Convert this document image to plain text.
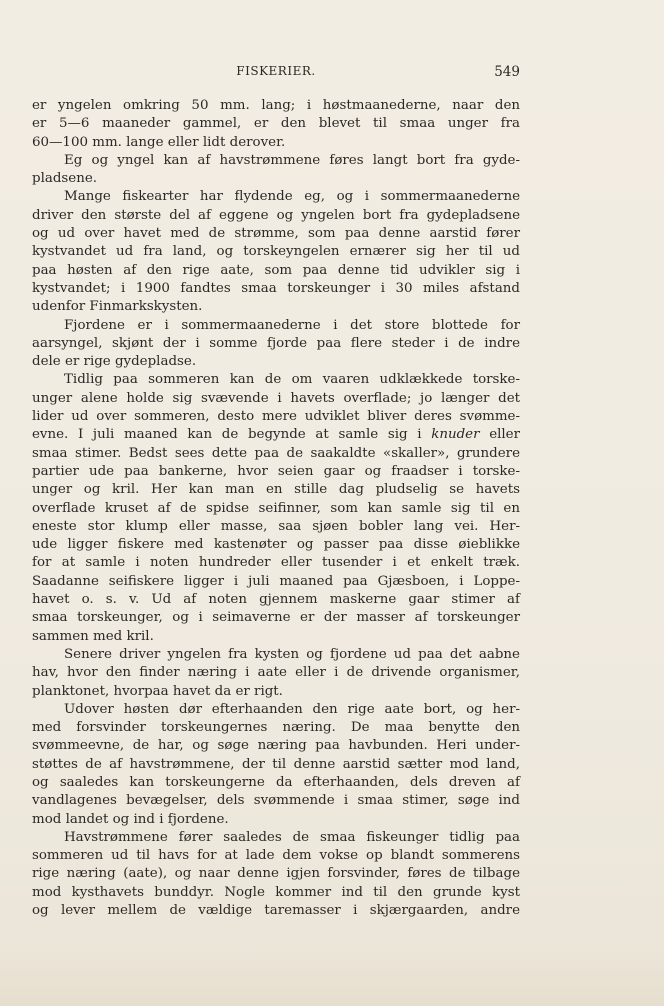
FISKERIER.	549
er yngelen omkring 50 mm. lang; i høstmaanederne, naar den
er 5—6 maaneder gammel, er den blevet til smaa unger fra
60—100 mm. lange eller lidt derover.
Eg og yngel kan af havstrømmene føres langt bort fra gyde-
pladsene.
Mange fiskearter har flydende eg, og i sommermaanederne
driver den største del af eggene og yngelen bort fra gydepladsene
og ud over havet med de strømme, som paa denne aarstid fører
kystvandet ud fra land, og torskeyngelen ernærer sig her til ud
paa høsten af den rige aate, som paa denne tid udvikler sig i
kystvandet; i 1900 fandtes smaa torskeunger i 30 miles afstand
udenfor Finmarkskysten.
Fjordene er i sommermaanederne i det store blottede for
aarsyngel, skjønt der i somme fjorde paa flere steder i de indre
dele er rige gydepladse.
Tidlig paa sommeren kan de om vaaren udklækkede torske-
unger alene holde sig svævende i havets overflade; jo længer det
lider ud over sommeren, desto mere udviklet bliver deres svømme-
evne. I juli maaned kan de begynde at samle sig i knuder eller
smaa stimer. Bedst sees dette paa de saakaldte «skaller», grundere
partier ude paa bankerne, hvor seien gaar og fraadser i torske-
unger og kril. Her kan man en stille dag pludselig se havets
overflade kruset af de spidse seifinner, som kan samle sig til en
eneste stor klump eller masse, saa sjøen bobler lang vei. Her-
ude ligger fiskere med kastenøter og passer paa disse øieblikke
for at samle i noten hundreder eller tusender i et enkelt træk.
Saadanne seifiskere ligger i juli maaned paa Gjæsboen, i Loppe-
havet o. s. v. Ud af noten gjennem maskerne gaar stimer af
smaa torskeunger, og i seimaverne er der masser af torskeunger
sammen med kril.
Senere driver yngelen fra kysten og fjordene ud paa det aabne
hav, hvor den finder næring i aate eller i de drivende organismer,
planktonet, hvorpaa havet da er rigt.
Udover høsten dør efterhaanden den rige aate bort, og her-
med forsvinder torskeungernes næring. De maa benytte den
svømmeevne, de har, og søge næring paa havbunden. Heri under-
støttes de af havstrømmene, der til denne aarstid sætter mod land,
og saaledes kan torskeungerne da efterhaanden, dels dreven af
vandlagenes bevægelser, dels svømmende i smaa stimer, søge ind
mod landet og ind i fjordene.
Havstrømmene fører saaledes de smaa fiskeunger tidlig paa
sommeren ud til havs for at lade dem vokse op blandt sommerens
rige næring (aate), og naar denne igjen forsvinder, føres de tilbage
mod kysthavets bunddyr. Nogle kommer ind til den grunde kyst
og lever mellem de vældige taremasser i skjærgaarden, andre
